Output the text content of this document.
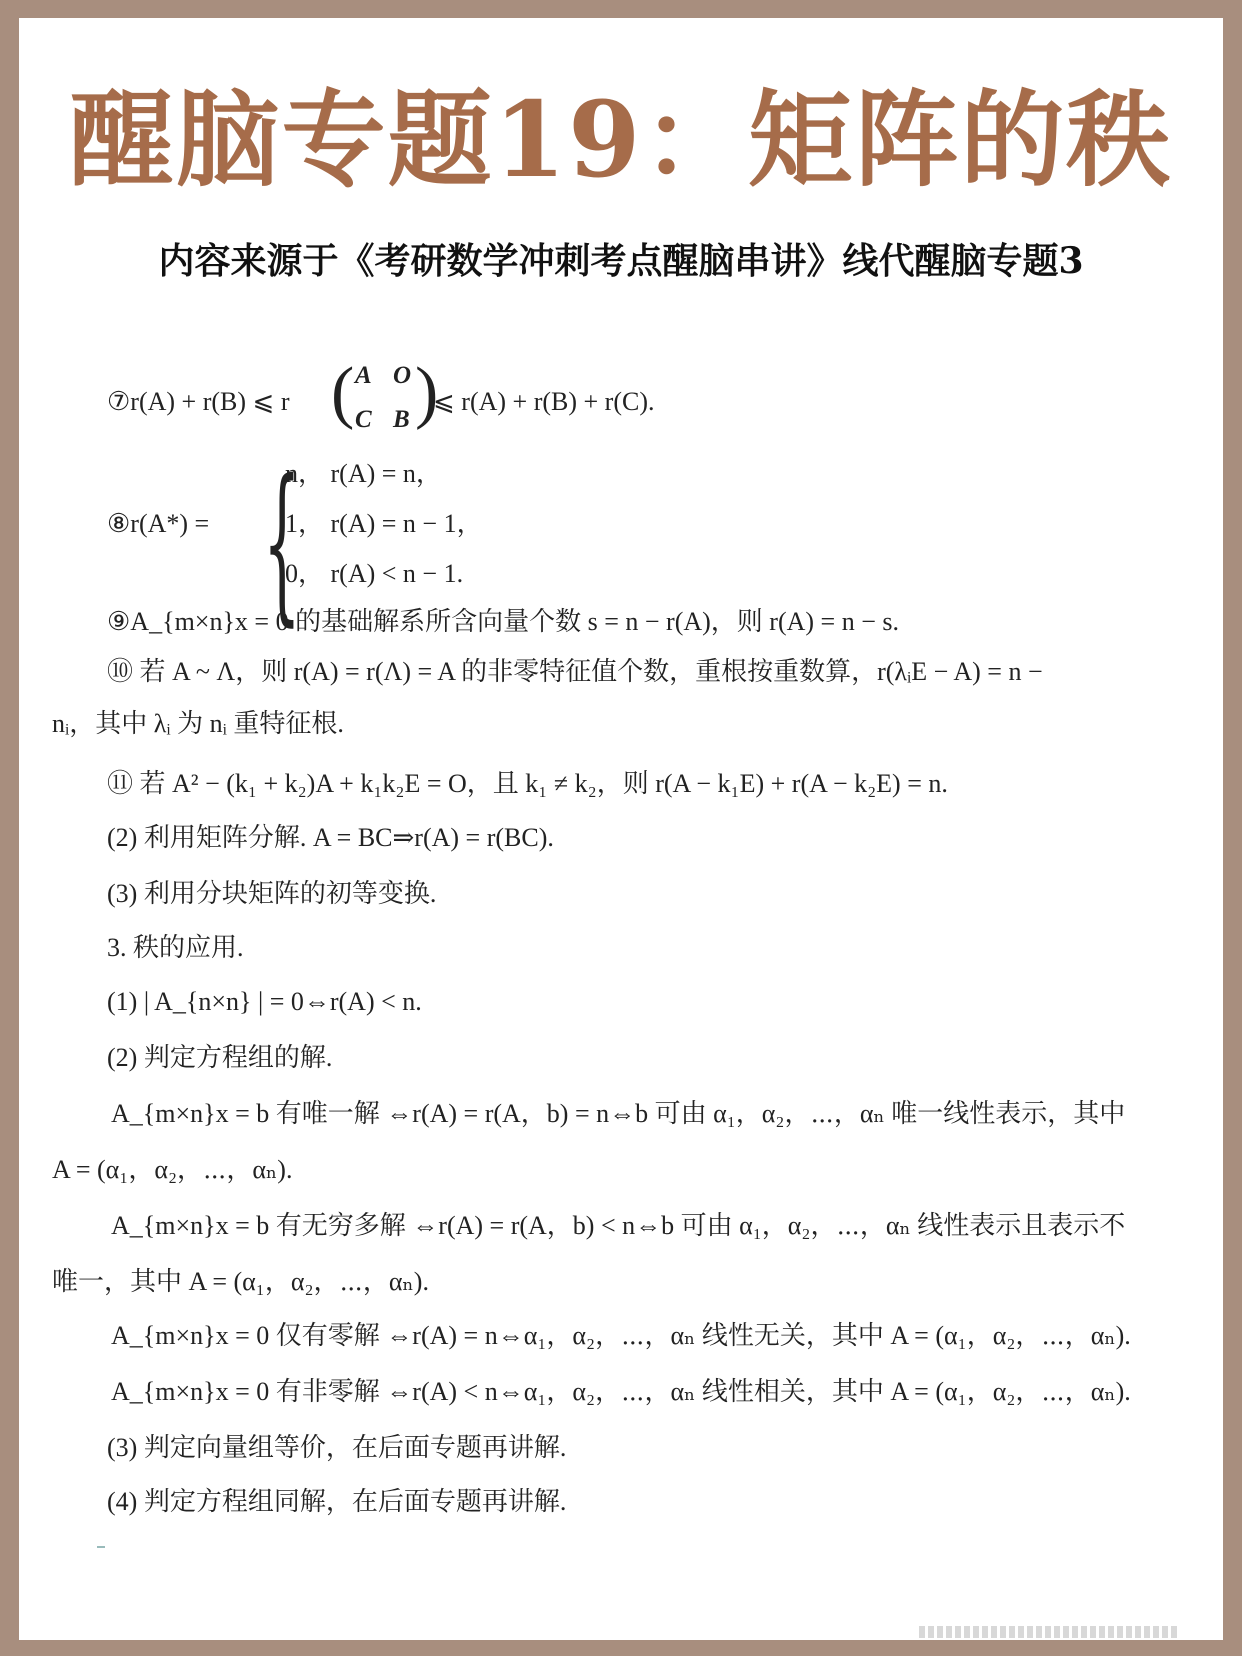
醒脑专题19：矩阵的秩
内容来源于《考研数学冲刺考点醒脑串讲》线代醒脑专题3
⑦r(A) + r(B) ⩽ r ( A O
C B )
⩽ r(A) + r(B) + r(C).
⑧r(A*) = {
n， r(A) = n，
1， r(A) = n − 1，
0， r(A) < n − 1.
⑨A_{m×n}x = 0 的基础解系所含向量个数 s = n − r(A)，则 r(A) = n − s.
⑩ 若 A ~ Λ，则 r(A) = r(Λ) = A 的非零特征值个数，重根按重数算，r(λᵢE − A) = n −
nᵢ，其中 λᵢ 为 nᵢ 重特征根.
⑪ 若 A² − (k₁ + k₂)A + k₁k₂E = O，且 k₁ ≠ k₂，则 r(A − k₁E) + r(A − k₂E) = n.
(2) 利用矩阵分解. A = BC⇒r(A) = r(BC).
(3) 利用分块矩阵的初等变换.
3. 秩的应用.
(1) | A_{n×n} | = 0⇔r(A) < n.
(2) 判定方程组的解.
A_{m×n}x = b 有唯一解 ⇔r(A) = r(A，b) = n⇔b 可由 α₁，α₂，⋯，αₙ 唯一线性表示，其中
A = (α₁，α₂，⋯，αₙ).
A_{m×n}x = b 有无穷多解 ⇔r(A) = r(A，b) < n⇔b 可由 α₁，α₂，⋯，αₙ 线性表示且表示不
唯一，其中 A = (α₁，α₂，⋯，αₙ).
A_{m×n}x = 0 仅有零解 ⇔r(A) = n⇔α₁，α₂，⋯，αₙ 线性无关，其中 A = (α₁，α₂，⋯，αₙ).
A_{m×n}x = 0 有非零解 ⇔r(A) < n⇔α₁，α₂，⋯，αₙ 线性相关，其中 A = (α₁，α₂，⋯，αₙ).
(3) 判定向量组等价，在后面专题再讲解.
(4) 判定方程组同解，在后面专题再讲解.
